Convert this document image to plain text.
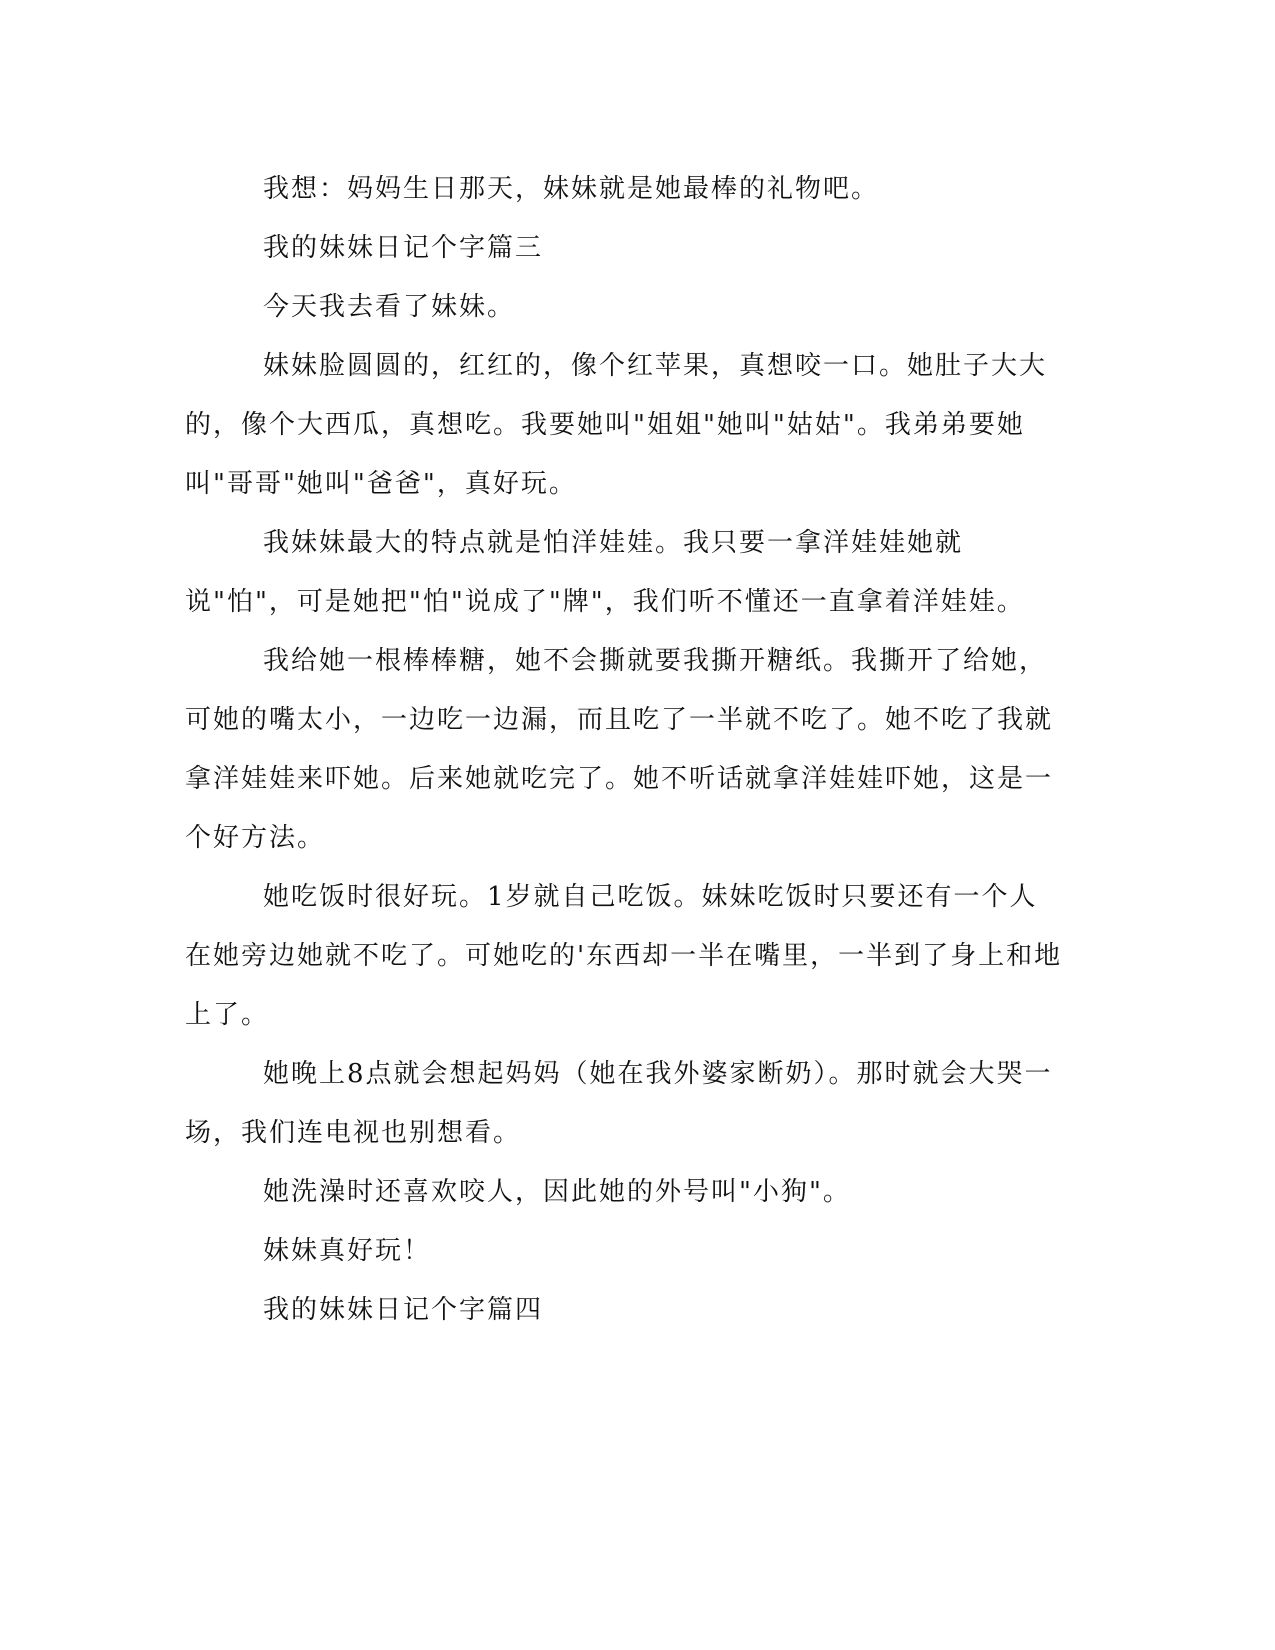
我想：妈妈生日那天，妹妹就是她最棒的礼物吧。

我的妹妹日记个字篇三

今天我去看了妹妹。

妹妹脸圆圆的，红红的，像个红苹果，真想咬一口。她肚子大大的，像个大西瓜，真想吃。我要她叫"姐姐"她叫"姑姑"。我弟弟要她叫"哥哥"她叫"爸爸"，真好玩。

我妹妹最大的特点就是怕洋娃娃。我只要一拿洋娃娃她就说"怕"，可是她把"怕"说成了"牌"，我们听不懂还一直拿着洋娃娃。

我给她一根棒棒糖，她不会撕就要我撕开糖纸。我撕开了给她，可她的嘴太小，一边吃一边漏，而且吃了一半就不吃了。她不吃了我就拿洋娃娃来吓她。后来她就吃完了。她不听话就拿洋娃娃吓她，这是一个好方法。

她吃饭时很好玩。1岁就自己吃饭。妹妹吃饭时只要还有一个人在她旁边她就不吃了。可她吃的'东西却一半在嘴里，一半到了身上和地上了。

她晚上8点就会想起妈妈（她在我外婆家断奶）。那时就会大哭一场，我们连电视也别想看。

她洗澡时还喜欢咬人，因此她的外号叫"小狗"。

妹妹真好玩！

我的妹妹日记个字篇四
